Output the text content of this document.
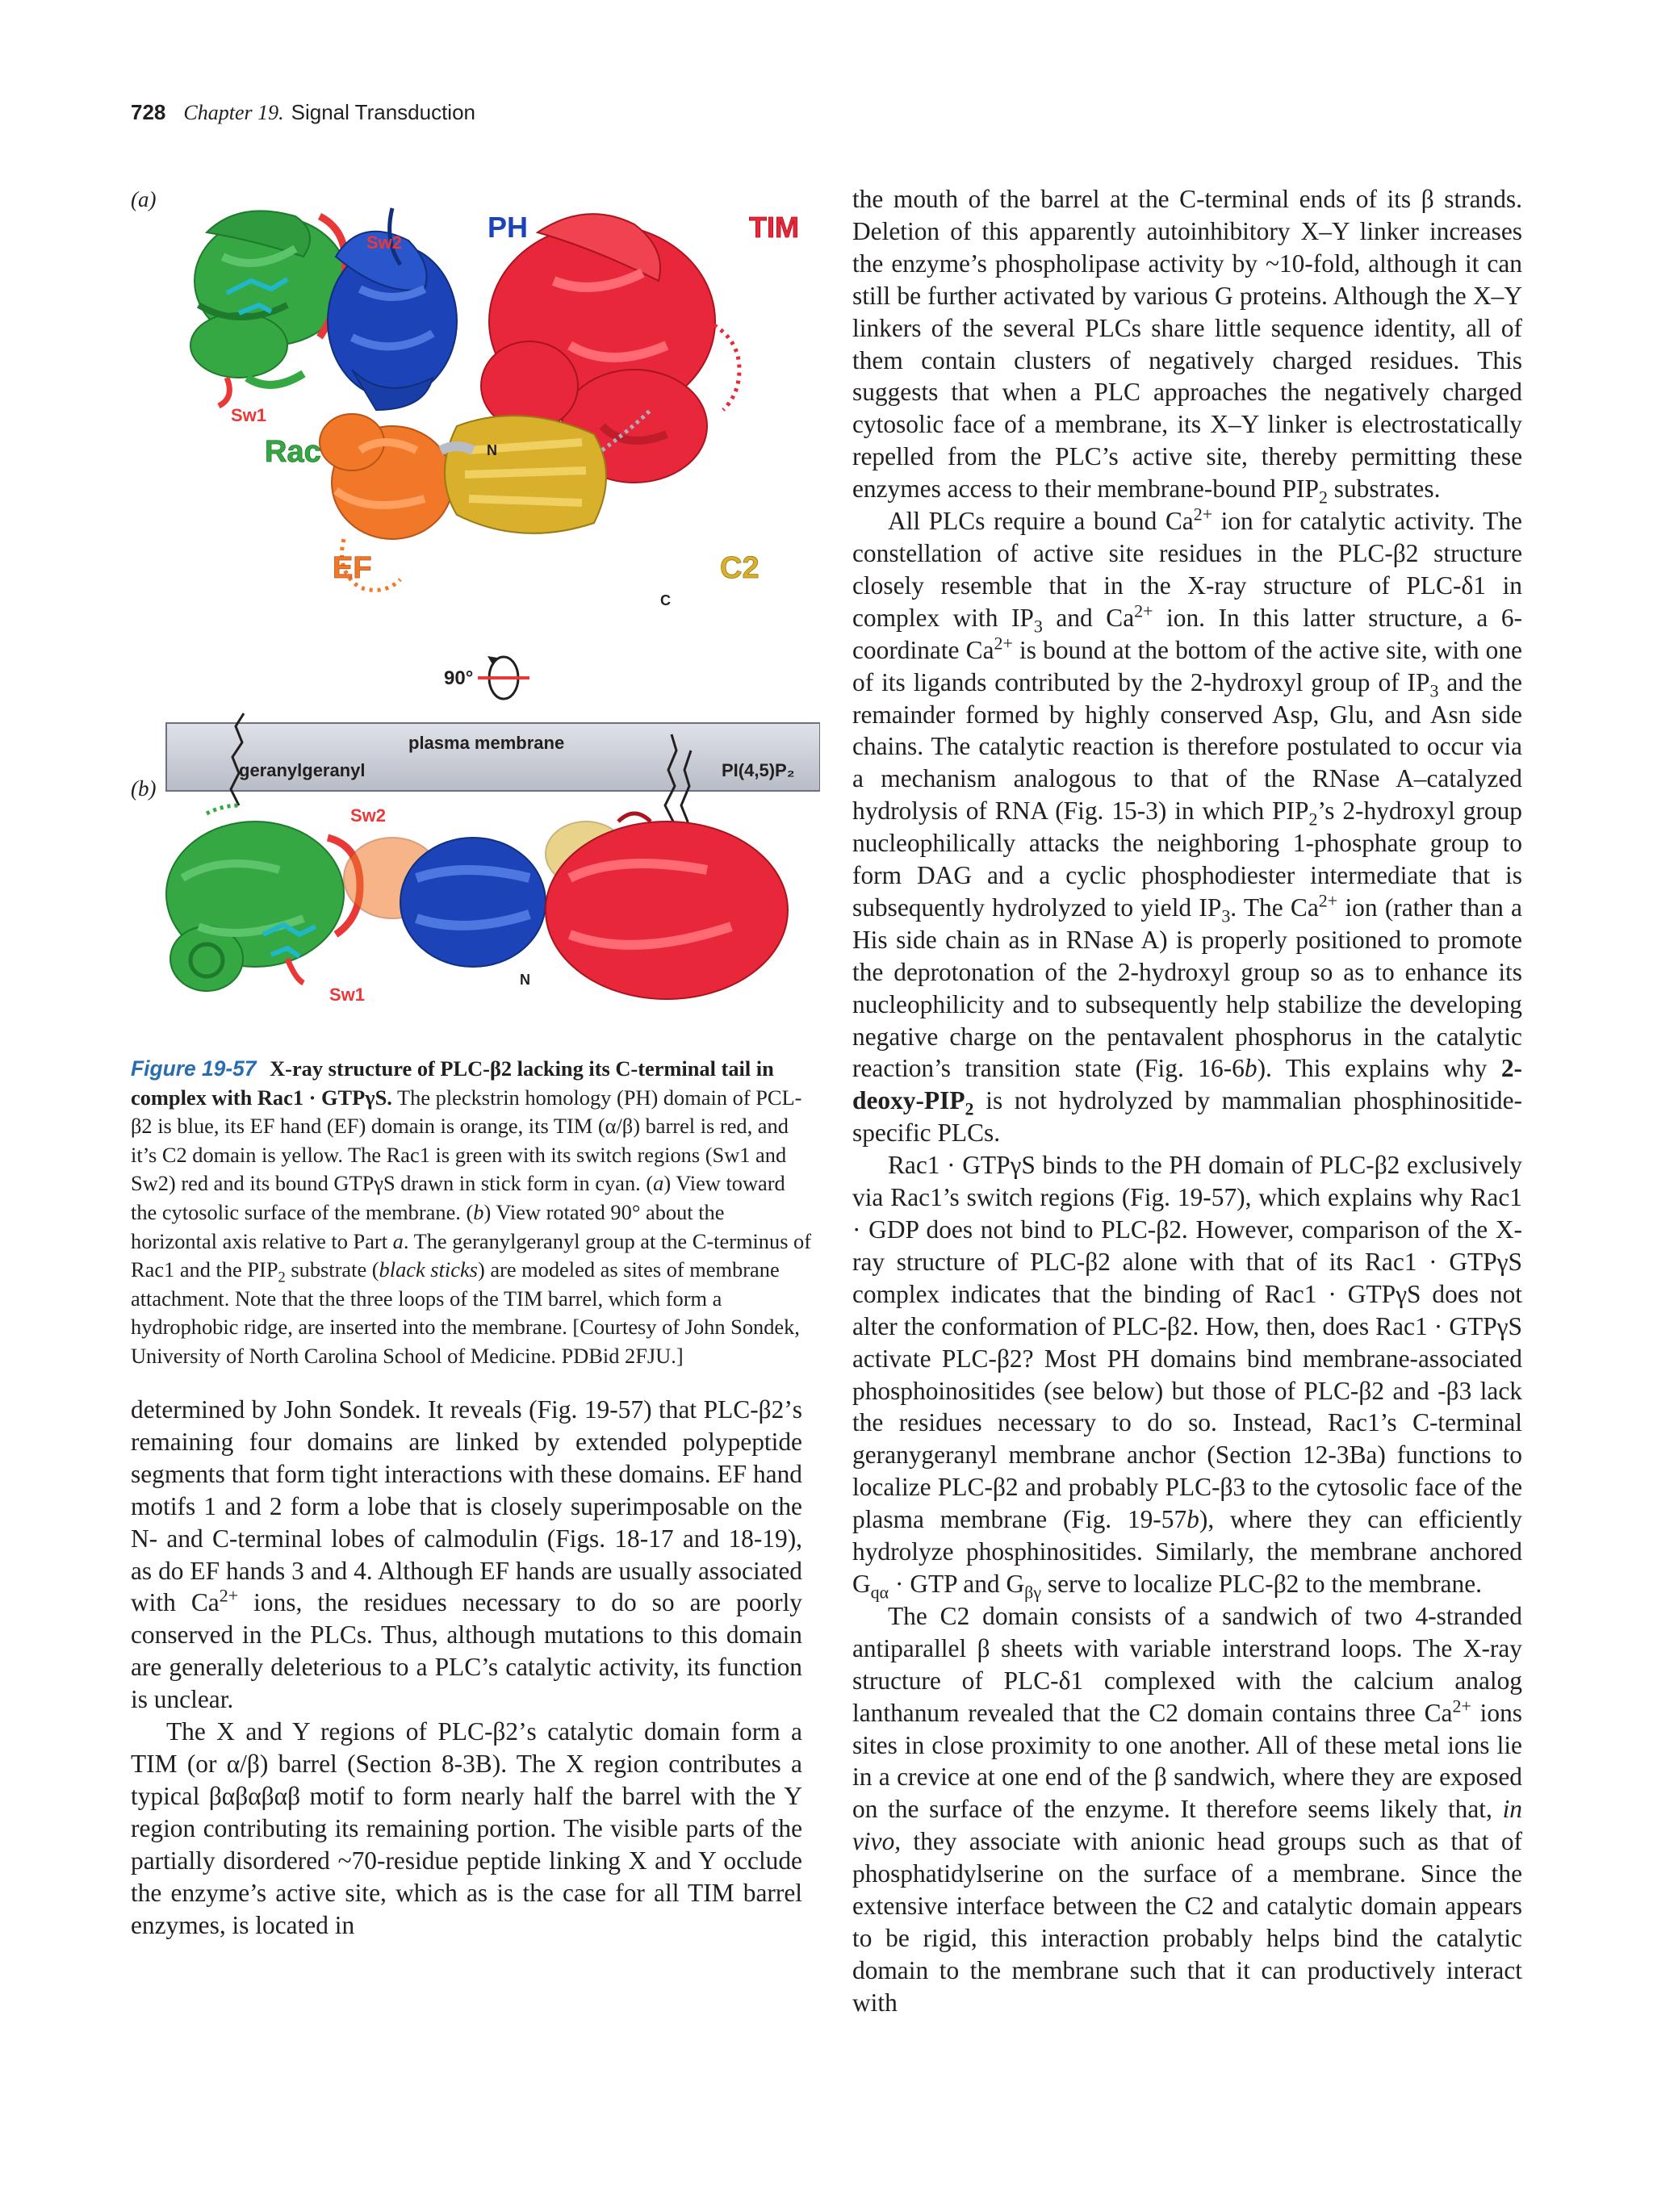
728 Chapter 19. Signal Transduction
(a)
(b)
Sw2	PH	TIM
Sw1
Rac	N
EF	C2
C
90°
plasma membrane
geranylgeranyl	PI(4,5)P₂
Sw2
Sw1
N
Figure 19-57 X-ray structure of PLC-β2 lacking its C-terminal tail in complex with Rac1 · GTPγS. The pleckstrin homology (PH) domain of PCL-β2 is blue, its EF hand (EF) domain is orange, its TIM (α/β) barrel is red, and it’s C2 domain is yellow. The Rac1 is green with its switch regions (Sw1 and Sw2) red and its bound GTPγS drawn in stick form in cyan. (a) View toward the cytosolic surface of the membrane. (b) View rotated 90° about the horizontal axis relative to Part a. The geranylgeranyl group at the C-terminus of Rac1 and the $PIP_2$ substrate (black sticks) are modeled as sites of membrane attachment. Note that the three loops of the TIM barrel, which form a hydrophobic ridge, are inserted into the membrane. [Courtesy of John Sondek, University of North Carolina School of Medicine. PDBid 2FJU.]

determined by John Sondek. It reveals (Fig. 19-57) that PLC-β2’s remaining four domains are linked by extended polypeptide segments that form tight interactions with these domains. EF hand motifs 1 and 2 form a lobe that is closely superimposable on the N- and C-terminal lobes of calmodulin (Figs. 18-17 and 18-19), as do EF hands 3 and 4. Although EF hands are usually associated with $Ca^{2+}$ ions, the residues necessary to do so are poorly conserved in the PLCs. Thus, although mutations to this domain are generally deleterious to a PLC’s catalytic activity, its function is unclear.

The X and Y regions of PLC-β2’s catalytic domain form a TIM (or α/β) barrel (Section 8-3B). The X region contributes a typical βαβαβαβ motif to form nearly half the barrel with the Y region contributing its remaining portion. The visible parts of the partially disordered ~70-residue peptide linking X and Y occlude the enzyme’s active site, which as is the case for all TIM barrel enzymes, is located in

the mouth of the barrel at the C-terminal ends of its β strands. Deletion of this apparently autoinhibitory X–Y linker increases the enzyme’s phospholipase activity by ~10-fold, although it can still be further activated by various G proteins. Although the X–Y linkers of the several PLCs share little sequence identity, all of them contain clusters of negatively charged residues. This suggests that when a PLC approaches the negatively charged cytosolic face of a membrane, its X–Y linker is electrostatically repelled from the PLC’s active site, thereby permitting these enzymes access to their membrane-bound $PIP_2$ substrates.

All PLCs require a bound $Ca^{2+}$ ion for catalytic activity. The constellation of active site residues in the PLC-β2 structure closely resemble that in the X-ray structure of PLC-δ1 in complex with $IP_3$ and $Ca^{2+}$ ion. In this latter structure, a 6-coordinate $Ca^{2+}$ is bound at the bottom of the active site, with one of its ligands contributed by the 2-hydroxyl group of $IP_3$ and the remainder formed by highly conserved Asp, Glu, and Asn side chains. The catalytic reaction is therefore postulated to occur via a mechanism analogous to that of the RNase A–catalyzed hydrolysis of RNA (Fig. 15-3) in which $PIP_2’s$ 2-hydroxyl group nucleophilically attacks the neighboring 1-phosphate group to form DAG and a cyclic phosphodiester intermediate that is subsequently hydrolyzed to yield $IP_3$. The $Ca^{2+}$ ion (rather than a His side chain as in RNase A) is properly positioned to promote the deprotonation of the 2-hydroxyl group so as to enhance its nucleophilicity and to subsequently help stabilize the developing negative charge on the pentavalent phosphorus in the catalytic reaction’s transition state (Fig. 16-6b). This explains why $2-deoxy-PIP_2$ is not hydrolyzed by mammalian phosphinositide-specific PLCs.

Rac1 · GTPγS binds to the PH domain of PLC-β2 exclusively via Rac1’s switch regions (Fig. 19-57), which explains why Rac1 · GDP does not bind to PLC-β2. However, comparison of the X-ray structure of PLC-β2 alone with that of its Rac1 · GTPγS complex indicates that the binding of Rac1 · GTPγS does not alter the conformation of PLC-β2. How, then, does Rac1 · GTPγS activate PLC-β2? Most PH domains bind membrane-associated phosphoinositides (see below) but those of PLC-β2 and -β3 lack the residues necessary to do so. Instead, Rac1’s C-terminal geranygeranyl membrane anchor (Section 12-3Ba) functions to localize PLC-β2 and probably PLC-β3 to the cytosolic face of the plasma membrane (Fig. 19-57b), where they can efficiently hydrolyze phosphinositides. Similarly, the membrane anchored $G_{q\alpha}$ · GTP and $G_{\beta\gamma}$ serve to localize PLC-β2 to the membrane.

The C2 domain consists of a sandwich of two 4-stranded antiparallel β sheets with variable interstrand loops. The X-ray structure of PLC-δ1 complexed with the calcium analog lanthanum revealed that the C2 domain contains three $Ca^{2+}$ ions sites in close proximity to one another. All of these metal ions lie in a crevice at one end of the β sandwich, where they are exposed on the surface of the enzyme. It therefore seems likely that, in vivo, they associate with anionic head groups such as that of phosphatidylserine on the surface of a membrane. Since the extensive interface between the C2 and catalytic domain appears to be rigid, this interaction probably helps bind the catalytic domain to the membrane such that it can productively interact with
